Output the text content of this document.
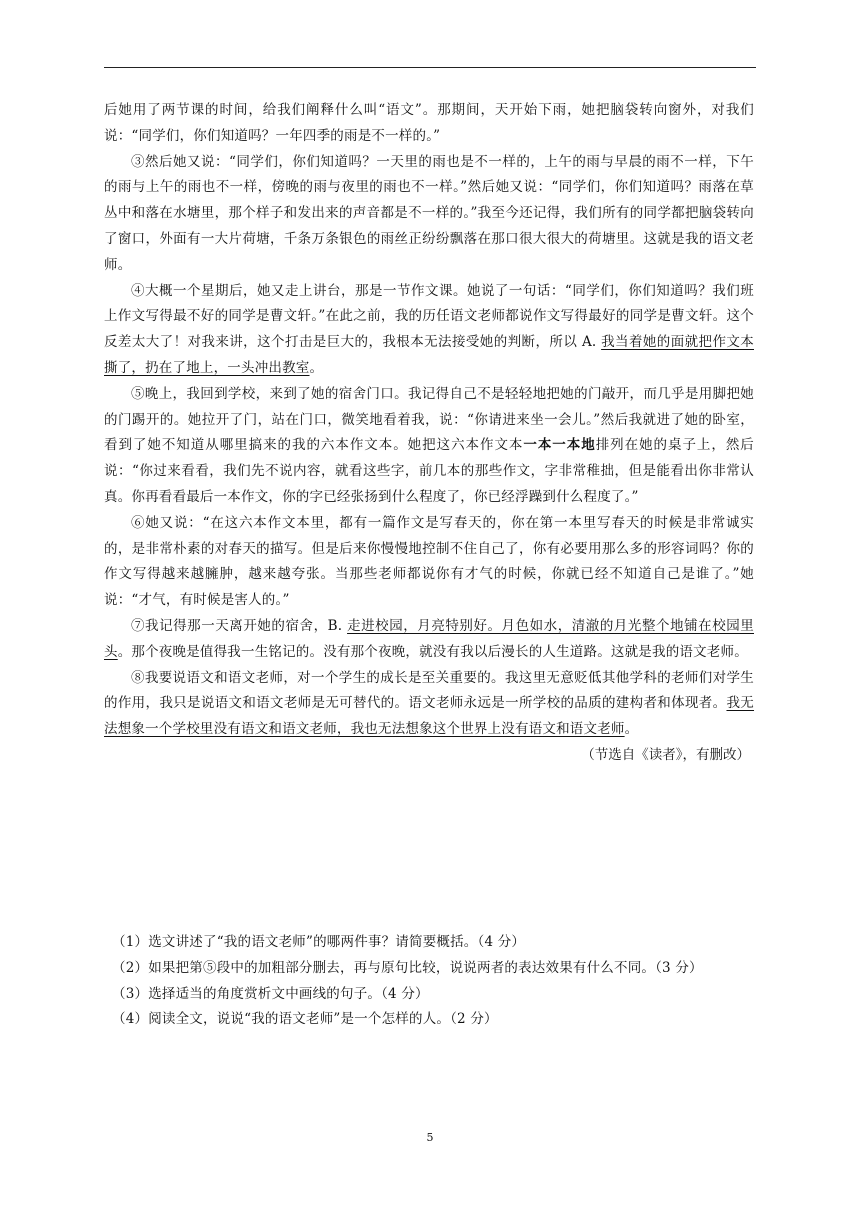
后她用了两节课的时间，给我们阐释什么叫“语文”。那期间，天开始下雨，她把脑袋转向窗外，对我们说：“同学们，你们知道吗？一年四季的雨是不一样的。”

③然后她又说：“同学们，你们知道吗？一天里的雨也是不一样的，上午的雨与早晨的雨不一样，下午的雨与上午的雨也不一样，傍晚的雨与夜里的雨也不一样。”然后她又说：“同学们，你们知道吗？雨落在草丛中和落在水塘里，那个样子和发出来的声音都是不一样的。”我至今还记得，我们所有的同学都把脑袋转向了窗口，外面有一大片荷塘，千条万条银色的雨丝正纷纷飘落在那口很大很大的荷塘里。这就是我的语文老师。

④大概一个星期后，她又走上讲台，那是一节作文课。她说了一句话：“同学们，你们知道吗？我们班上作文写得最不好的同学是曹文轩。”在此之前，我的历任语文老师都说作文写得最好的同学是曹文轩。这个反差太大了！对我来讲，这个打击是巨大的，我根本无法接受她的判断，所以 A. 我当着她的面就把作文本撕了，扔在了地上，一头冲出教室。

⑤晚上，我回到学校，来到了她的宿舍门口。我记得自己不是轻轻地把她的门敲开，而几乎是用脚把她的门踢开的。她拉开了门，站在门口，微笑地看着我，说：“你请进来坐一会儿。”然后我就进了她的卧室，看到了她不知道从哪里搞来的我的六本作文本。她把这六本作文本一本一本地排列在她的桌子上，然后说：“你过来看看，我们先不说内容，就看这些字，前几本的那些作文，字非常稚拙，但是能看出你非常认真。你再看看最后一本作文，你的字已经张扬到什么程度了，你已经浮躁到什么程度了。”

⑥她又说：“在这六本作文本里，都有一篇作文是写春天的，你在第一本里写春天的时候是非常诚实的，是非常朴素的对春天的描写。但是后来你慢慢地控制不住自己了，你有必要用那么多的形容词吗？你的作文写得越来越臃肿，越来越夸张。当那些老师都说你有才气的时候，你就已经不知道自己是谁了。”她说：“才气，有时候是害人的。”

⑦我记得那一天离开她的宿舍，B. 走进校园，月亮特别好。月色如水，清澈的月光整个地铺在校园里头。那个夜晚是值得我一生铭记的。没有那个夜晚，就没有我以后漫长的人生道路。这就是我的语文老师。

⑧我要说语文和语文老师，对一个学生的成长是至关重要的。我这里无意贬低其他学科的老师们对学生的作用，我只是说语文和语文老师是无可替代的。语文老师永远是一所学校的品质的建构者和体现者。我无法想象一个学校里没有语文和语文老师，我也无法想象这个世界上没有语文和语文老师。

（节选自《读者》，有删改）

（1）选文讲述了“我的语文老师”的哪两件事？请简要概括。（4 分）

（2）如果把第⑤段中的加粗部分删去，再与原句比较，说说两者的表达效果有什么不同。（3 分）

（3）选择适当的角度赏析文中画线的句子。（4 分）

（4）阅读全文，说说“我的语文老师”是一个怎样的人。（2 分）

5
